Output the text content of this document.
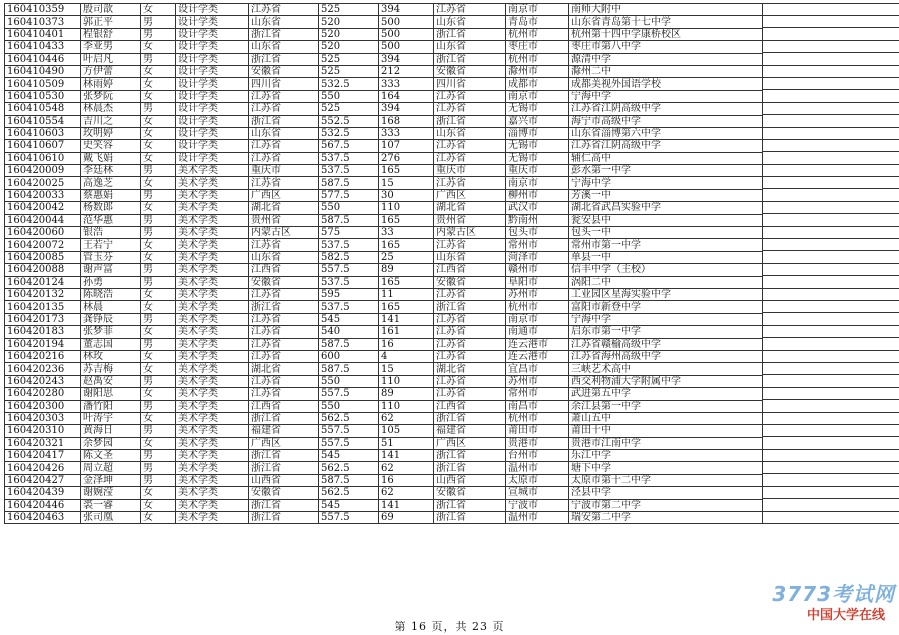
160410359	殷司歆	女	设计学类	江苏省	525	394	江苏省	南京市	南师大附中
160410373	郭正平	男	设计学类	山东省	520	500	山东省	青岛市	山东省青岛第十七中学
160410401	程银舒	男	设计学类	浙江省	520	500	浙江省	杭州市	杭州第十四中学康桥校区
160410433	李亚男	女	设计学类	山东省	520	500	山东省	枣庄市	枣庄市第八中学
160410446	叶启凡	男	设计学类	浙江省	525	394	浙江省	杭州市	源清中学
160410490	方伊蕾	女	设计学类	安徽省	525	212	安徽省	滁州市	滁州二中
160410509	林雨婷	女	设计学类	四川省	532.5	333	四川省	成都市	成都美视外国语学校
160410530	张梦阮	女	设计学类	江苏省	550	164	江苏省	南京市	宁海中学
160410548	林晨杰	男	设计学类	江苏省	525	394	江苏省	无锡市	江苏省江阴高级中学
160410554	吉川之	女	设计学类	浙江省	552.5	168	浙江省	嘉兴市	海宁市高级中学
160410603	玫明婷	女	设计学类	山东省	532.5	333	山东省	淄博市	山东省淄博第六中学
160410607	史笑容	女	设计学类	江苏省	567.5	107	江苏省	无锡市	江苏省江阴高级中学
160410610	戴飞娟	女	设计学类	江苏省	537.5	276	江苏省	无锡市	辅仁高中
160420009	李廷林	男	美术学类	重庆市	537.5	165	重庆市	重庆市	彭水第一中学
160420025	高逸芝	女	美术学类	江苏省	587.5	15	江苏省	南京市	宁海中学
160420033	蔡惠娟	男	美术学类	广西区	577.5	30	广西区	柳州市	芳溪一中
160420042	杨数郎	女	美术学类	湖北省	550	110	湖北省	武汉市	湖北省武昌实验中学
160420044	范华惠	男	美术学类	贵州省	587.5	165	贵州省	黔南州	瓮安县中
160420060	银浩	男	美术学类	内蒙古区	575	33	内蒙古区	包头市	包头一中
160420072	王若宁	女	美术学类	江苏省	537.5	165	江苏省	常州市	常州市第一中学
160420085	管玉芬	女	美术学类	山东省	582.5	25	山东省	菏泽市	单县一中
160420088	谢声富	男	美术学类	江西省	557.5	89	江西省	赣州市	信丰中学（主校）
160420124	孙勇	男	美术学类	安徽省	537.5	165	安徽省	阜阳市	涡阳二中
160420132	陈晓浩	女	美术学类	江苏省	595	11	江苏省	苏州市	工业园区星海实验中学
160420135	林晨	女	美术学类	浙江省	537.5	165	浙江省	杭州市	富阳市新登中学
160420173	龚铮辰	男	美术学类	江苏省	545	141	江苏省	南京市	宁海中学
160420183	张梦菲	女	美术学类	江苏省	540	161	江苏省	南通市	启东市第一中学
160420194	董志国	男	美术学类	江苏省	587.5	16	江苏省	连云港市	江苏省赣榆高级中学
160420216	林玫	女	美术学类	江苏省	600	4	江苏省	连云港市	江苏省海州高级中学
160420236	苏吉梅	女	美术学类	湖北省	587.5	15	湖北省	宜昌市	三峡艺术高中
160420243	赵禹安	男	美术学类	江苏省	550	110	江苏省	苏州市	西交利物浦大学附属中学
160420280	谢阳思	女	美术学类	江苏省	557.5	89	江苏省	常州市	武进第五中学
160420300	潘竹阳	男	美术学类	江西省	550	110	江西省	南昌市	余江县第一中学
160420303	叶涛宇	女	美术学类	浙江省	562.5	62	浙江省	杭州市	萧山五中
160420310	黄海日	男	美术学类	福建省	557.5	105	福建省	莆田市	莆田十中
160420321	余梦园	女	美术学类	广西区	557.5	51	广西区	贵港市	贵港市江南中学
160420417	陈文圣	男	美术学类	浙江省	545	141	浙江省	台州市	乐江中学
160420426	周立超	男	美术学类	浙江省	562.5	62	浙江省	温州市	塘下中学
160420427	金泽坤	男	美术学类	山西省	587.5	16	山西省	太原市	太原市第十二中学
160420439	谢婉滢	女	美术学类	安徽省	562.5	62	安徽省	宣城市	泾县中学
160420446	裘一睿	女	美术学类	浙江省	545	141	浙江省	宁波市	宁波市第二中学
160420463	张司凰	女	美术学类	浙江省	557.5	69	浙江省	温州市	瑞安第二中学
第 16 页，共 23 页
3773考试网
中国大学在线
